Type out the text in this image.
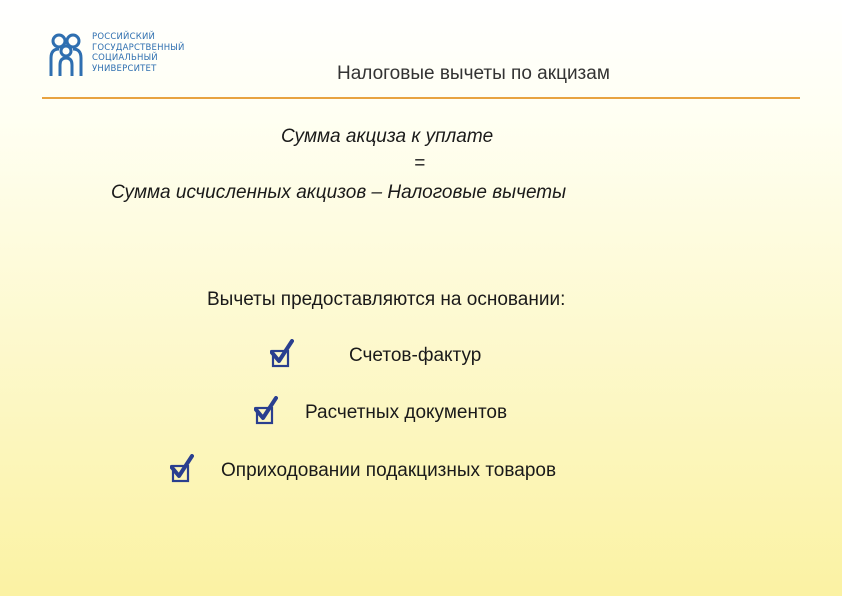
РОССИЙСКИЙ
ГОСУДАРСТВЕННЫЙ
СОЦИАЛЬНЫЙ
УНИВЕРСИТЕТ	Налоговые вычеты по акцизам
Сумма акциза к уплате
=
Сумма исчисленных акцизов – Налоговые вычеты
Вычеты предоставляются на основании:
Счетов-фактур
Расчетных документов
Оприходовании подакцизных товаров
